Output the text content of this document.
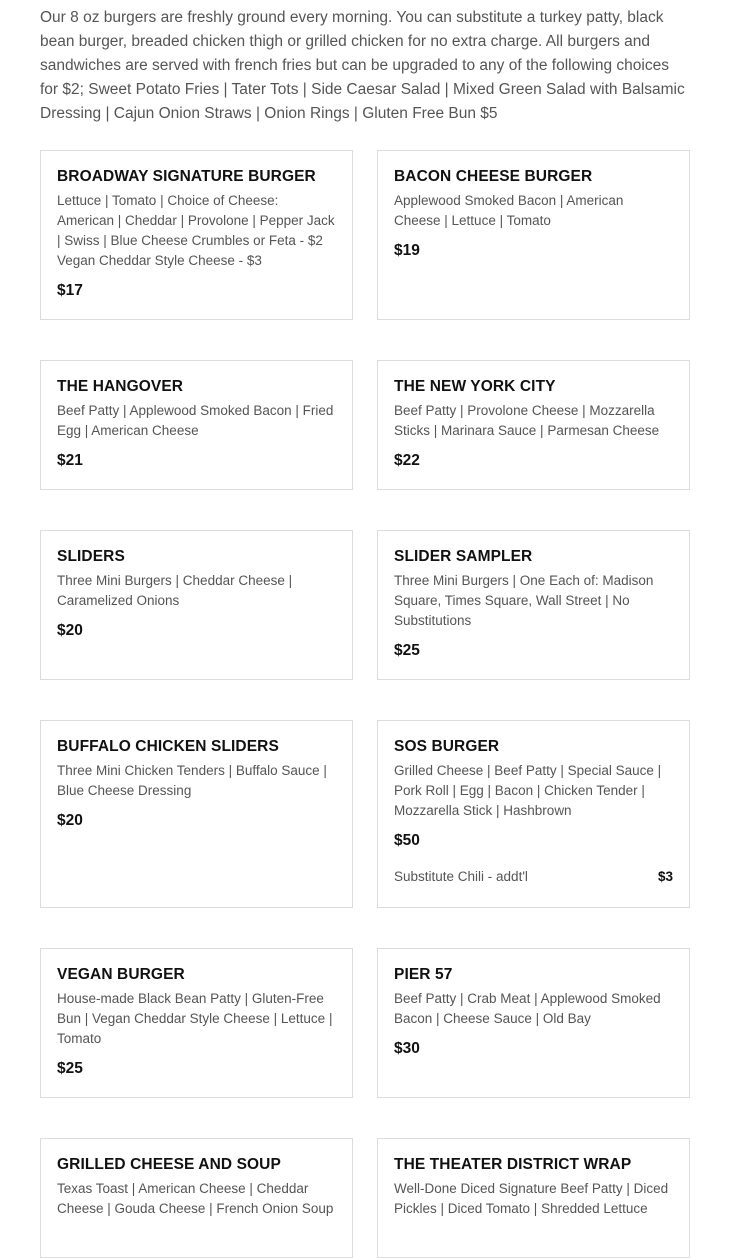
Our 8 oz burgers are freshly ground every morning. You can substitute a turkey patty, black bean burger, breaded chicken thigh or grilled chicken for no extra charge. All burgers and sandwiches are served with french fries but can be upgraded to any of the following choices for $2; Sweet Potato Fries | Tater Tots | Side Caesar Salad | Mixed Green Salad with Balsamic Dressing | Cajun Onion Straws | Onion Rings | Gluten Free Bun $5

BROADWAY SIGNATURE BURGER

Lettuce | Tomato | Choice of Cheese: American | Cheddar | Provolone | Pepper Jack | Swiss | Blue Cheese Crumbles or Feta - $2 Vegan Cheddar Style Cheese - $3

$17
BACON CHEESE BURGER

Applewood Smoked Bacon | American Cheese | Lettuce | Tomato

$19
THE HANGOVER

Beef Patty | Applewood Smoked Bacon | Fried Egg | American Cheese

$21
THE NEW YORK CITY

Beef Patty | Provolone Cheese | Mozzarella Sticks | Marinara Sauce | Parmesan Cheese

$22
SLIDERS

Three Mini Burgers | Cheddar Cheese | Caramelized Onions

$20
SLIDER SAMPLER

Three Mini Burgers | One Each of: Madison Square, Times Square, Wall Street | No Substitutions

$25
BUFFALO CHICKEN SLIDERS

Three Mini Chicken Tenders | Buffalo Sauce | Blue Cheese Dressing

$20
SOS BURGER

Grilled Cheese | Beef Patty | Special Sauce | Pork Roll | Egg | Bacon | Chicken Tender | Mozzarella Stick | Hashbrown

$50
Substitute Chili - addt'l	$3
VEGAN BURGER

House-made Black Bean Patty | Gluten-Free Bun | Vegan Cheddar Style Cheese | Lettuce | Tomato

$25
PIER 57

Beef Patty | Crab Meat | Applewood Smoked Bacon | Cheese Sauce | Old Bay

$30
GRILLED CHEESE AND SOUP

Texas Toast | American Cheese | Cheddar Cheese | Gouda Cheese | French Onion Soup

THE THEATER DISTRICT WRAP

Well-Done Diced Signature Beef Patty | Diced Pickles | Diced Tomato | Shredded Lettuce
